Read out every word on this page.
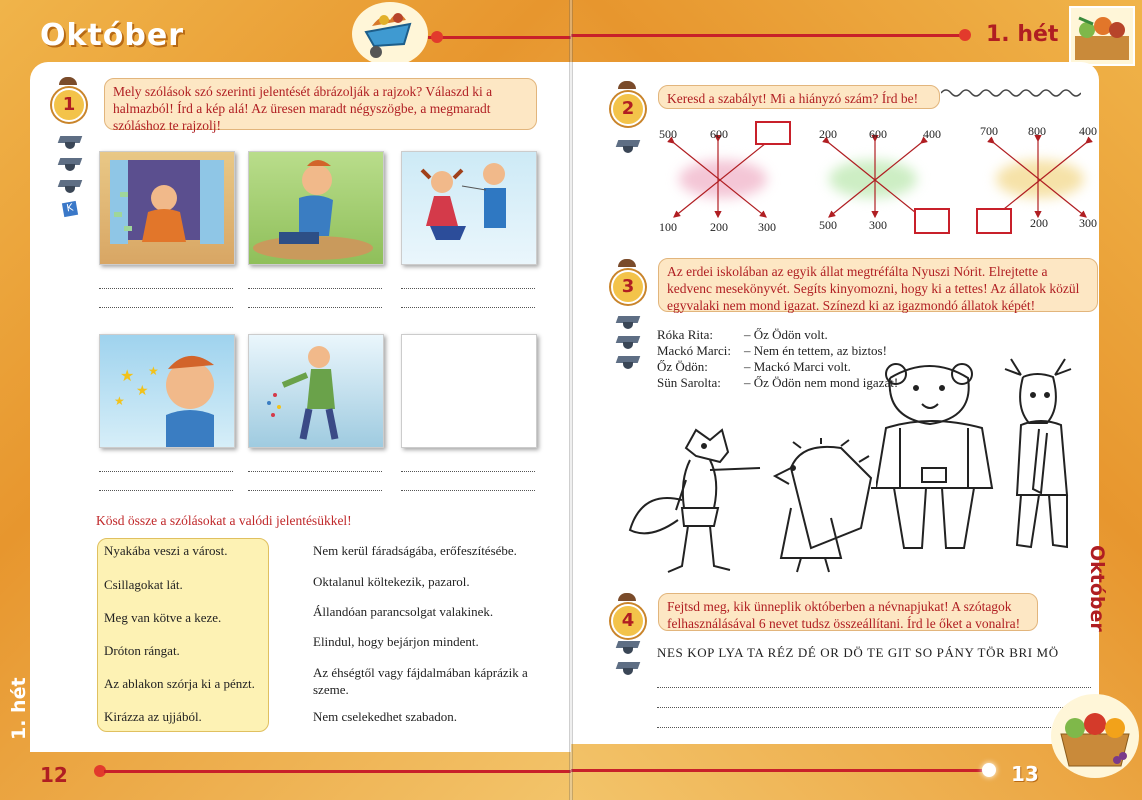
Október
1
Mely szólások szó szerinti jelentését ábrázolják a rajzok? Válaszd ki a halmazból! Írd a kép alá! Az üresen maradt négyszögbe, a megmaradt szóláshoz te rajzolj!
K
★
★
★
★
Kösd össze a szólásokat a valódi jelentésükkel!
Nyakába veszi a várost.
Csillagokat lát.
Meg van kötve a keze.
Dróton rángat.
Az ablakon szórja ki a pénzt.
Kirázza az ujjából.
Nem kerül fáradságába, erőfeszítésébe.
Oktalanul költekezik, pazarol.
Állandóan parancsolgat valakinek.
Elindul, hogy bejárjon mindent.
Az éhségtől vagy fájdalmában káprázik a szeme.
Nem cselekedhet szabadon.
12
1. hét
1. hét
2	Keresd a szabályt! Mi a hiányzó szám? Írd be!
500	600
100	200	300
200	600	400
500	300
700	800	400
200	300
3
Az erdei iskolában az egyik állat megtréfálta Nyuszi Nórit. Elrejtette a kedvenc mesekönyvét. Segíts kinyomozni, hogy ki a tettes! Az állatok közül egyvalaki nem mond igazat. Színezd ki az igazmondó állatok képét!
Róka Rita: – Őz Ödön volt.
Mackó Marci: – Nem én tettem, az biztos!
Őz Ödön:	– Mackó Marci volt.
Sün Sarolta: – Őz Ödön nem mond igazat!
4
Fejtsd meg, kik ünneplik októberben a névnapjukat! A szótagok felhasználásával 6 nevet tudsz összeállítani. Írd le őket a vonalra!
NES KOP LYA TA RÉZ DÉ OR DÖ TE GIT SO PÁNY TÖR BRI MÖ
Október
13
